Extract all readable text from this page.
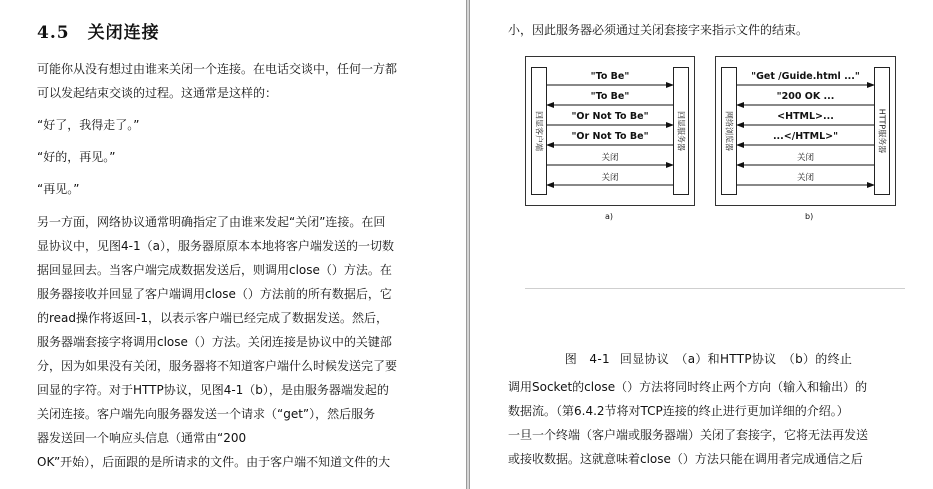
4.5 关闭连接

可能你从没有想过由谁来关闭一个连接。在电话交谈中，任何一方都

可以发起结束交谈的过程。这通常是这样的：

“好了，我得走了。”

“好的，再见。”

“再见。”

另一方面，网络协议通常明确指定了由谁来发起“关闭”连接。在回

显协议中，见图4-1（a），服务器原原本本地将客户端发送的一切数

据回显回去。当客户端完成数据发送后，则调用close（）方法。在

服务器接收并回显了客户端调用close（）方法前的所有数据后，它

的read操作将返回-1，以表示客户端已经完成了数据发送。然后，

服务器端套接字将调用close（）方法。关闭连接是协议中的关键部

分，因为如果没有关闭，服务器将不知道客户端什么时候发送完了要

回显的字符。对于HTTP协议，见图4-1（b），是由服务器端发起的

关闭连接。客户端先向服务器发送一个请求（“get”），然后服务

器发送回一个响应头信息（通常由“200

OK”开始），后面跟的是所请求的文件。由于客户端不知道文件的大

小，因此服务器必须通过关闭套接字来指示文件的结束。

回显客户端	回显服务器
"To Be"
"To Be"
"Or Not To Be"
"Or Not To Be"
关闭
关闭
a)
网络浏览器	HTTP服务器
"Get /Guide.html ..."
"200 OK ...
<HTML>...
...</HTML>"
关闭
关闭
b)
图　4-1 回显协议　（a）和HTTP协议　（b）的终止

调用Socket的close（）方法将同时终止两个方向（输入和输出）的

数据流。（第6.4.2节将对TCP连接的终止进行更加详细的介绍。）

一旦一个终端（客户端或服务器端）关闭了套接字，它将无法再发送

或接收数据。这就意味着close（）方法只能在调用者完成通信之后
